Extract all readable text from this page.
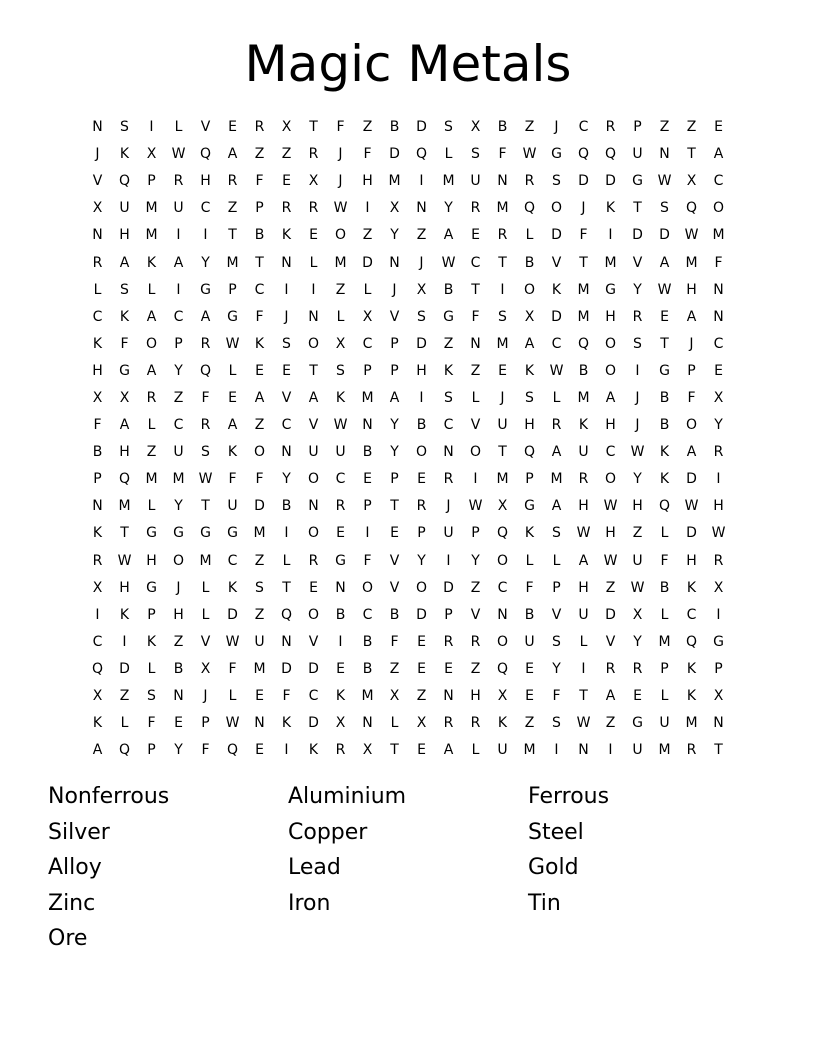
Magic Metals
N	S	I	L	V	E	R	X	T	F	Z	B	D	S	X	B	Z	J	C	R	P	Z	Z	E
J	K	X	W	Q	A	Z	Z	R	J	F	D	Q	L	S	F	W	G	Q	Q	U	N	T	A
V	Q	P	R	H	R	F	E	X	J	H	M	I	M	U	N	R	S	D	D	G	W	X	C
X	U	M	U	C	Z	P	R	R	W	I	X	N	Y	R	M	Q	O	J	K	T	S	Q	O
N	H	M	I	I	T	B	K	E	O	Z	Y	Z	A	E	R	L	D	F	I	D	D	W	M
R	A	K	A	Y	M	T	N	L	M	D	N	J	W	C	T	B	V	T	M	V	A	M	F
L	S	L	I	G	P	C	I	I	Z	L	J	X	B	T	I	O	K	M	G	Y	W	H	N
C	K	A	C	A	G	F	J	N	L	X	V	S	G	F	S	X	D	M	H	R	E	A	N
K	F	O	P	R	W	K	S	O	X	C	P	D	Z	N	M	A	C	Q	O	S	T	J	C
H	G	A	Y	Q	L	E	E	T	S	P	P	H	K	Z	E	K	W	B	O	I	G	P	E
X	X	R	Z	F	E	A	V	A	K	M	A	I	S	L	J	S	L	M	A	J	B	F	X
F	A	L	C	R	A	Z	C	V	W	N	Y	B	C	V	U	H	R	K	H	J	B	O	Y
B	H	Z	U	S	K	O	N	U	U	B	Y	O	N	O	T	Q	A	U	C	W	K	A	R
P	Q	M	M	W	F	F	Y	O	C	E	P	E	R	I	M	P	M	R	O	Y	K	D	I
N	M	L	Y	T	U	D	B	N	R	P	T	R	J	W	X	G	A	H	W	H	Q	W	H
K	T	G	G	G	G	M	I	O	E	I	E	P	U	P	Q	K	S	W	H	Z	L	D	W
R	W	H	O	M	C	Z	L	R	G	F	V	Y	I	Y	O	L	L	A	W	U	F	H	R
X	H	G	J	L	K	S	T	E	N	O	V	O	D	Z	C	F	P	H	Z	W	B	K	X
I	K	P	H	L	D	Z	Q	O	B	C	B	D	P	V	N	B	V	U	D	X	L	C	I
C	I	K	Z	V	W	U	N	V	I	B	F	E	R	R	O	U	S	L	V	Y	M	Q	G
Q	D	L	B	X	F	M	D	D	E	B	Z	E	E	Z	Q	E	Y	I	R	R	P	K	P
X	Z	S	N	J	L	E	F	C	K	M	X	Z	N	H	X	E	F	T	A	E	L	K	X
K	L	F	E	P	W	N	K	D	X	N	L	X	R	R	K	Z	S	W	Z	G	U	M	N
A	Q	P	Y	F	Q	E	I	K	R	X	T	E	A	L	U	M	I	N	I	U	M	R	T
Nonferrous	Aluminium	Ferrous
Silver	Copper	Steel
Alloy	Lead	Gold
Zinc	Iron	Tin
Ore
